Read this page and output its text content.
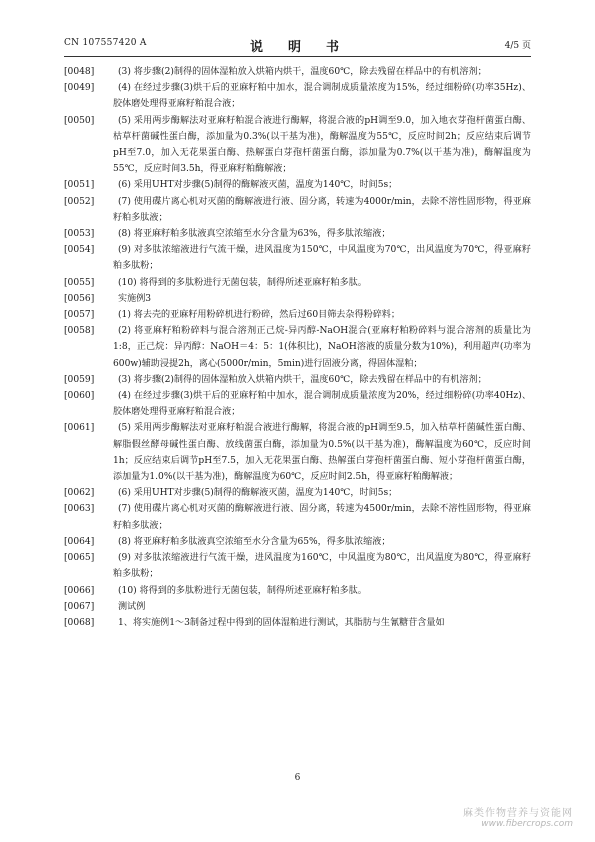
CN 107557420 A	说　明　书	4/5 页
[0048]	(3) 将步骤(2)制得的固体湿粕放入烘箱内烘干，温度60℃，除去残留在样品中的有机溶剂；
[0049]	(4) 在经过步骤(3)烘干后的亚麻籽粕中加水，混合调制成质量浓度为15%，经过细粉碎(功率35Hz)、胶体磨处理得亚麻籽粕混合液；
[0050]	(5) 采用两步酶解法对亚麻籽粕混合液进行酶解，将混合液的pH调至9.0，加入地衣芽孢杆菌蛋白酶、枯草杆菌碱性蛋白酶，添加量为0.3%(以干基为准)，酶解温度为55℃，反应时间2h；反应结束后调节pH至7.0，加入无花果蛋白酶、热解蛋白芽孢杆菌蛋白酶，添加量为0.7%(以干基为准)，酶解温度为55℃，反应时间3.5h，得亚麻籽粕酶解液；
[0051]	(6) 采用UHT对步骤(5)制得的酶解液灭菌，温度为140℃，时间5s；
[0052]	(7) 使用碟片离心机对灭菌的酶解液进行液、固分离，转速为4000r/min，去除不溶性固形物，得亚麻籽粕多肽液；
[0053]	(8) 将亚麻籽粕多肽液真空浓缩至水分含量为63%，得多肽浓缩液；
[0054]	(9) 对多肽浓缩液进行气流干燥，进风温度为150℃，中风温度为70℃，出风温度为70℃，得亚麻籽粕多肽粉；
[0055]	(10) 将得到的多肽粉进行无菌包装，制得所述亚麻籽粕多肽。
[0056]	实施例3
[0057]	(1) 将去壳的亚麻籽用粉碎机进行粉碎，然后过60目筛去杂得粉碎料；
[0058]	(2) 将亚麻籽粕粉碎料与混合溶剂正己烷-异丙醇-NaOH混合(亚麻籽粕粉碎料与混合溶剂的质量比为1:8，正己烷：异丙醇：NaOH＝4：5：1(体积比)，NaOH溶液的质量分数为10%)，利用超声(功率为600w)辅助浸提2h，离心(5000r/min，5min)进行固液分离，得固体湿粕；
[0059]	(3) 将步骤(2)制得的固体湿粕放入烘箱内烘干，温度60℃，除去残留在样品中的有机溶剂；
[0060]	(4) 在经过步骤(3)烘干后的亚麻籽粕中加水，混合调制成质量浓度为20%，经过细粉碎(功率40Hz)、胶体磨处理得亚麻籽粕混合液；
[0061]	(5) 采用两步酶解法对亚麻籽粕混合液进行酶解，将混合液的pH调至9.5，加入枯草杆菌碱性蛋白酶、解脂假丝酵母碱性蛋白酶、放线菌蛋白酶，添加量为0.5%(以干基为准)，酶解温度为60℃，反应时间1h；反应结束后调节pH至7.5，加入无花果蛋白酶、热解蛋白芽孢杆菌蛋白酶、短小芽孢杆菌蛋白酶，添加量为1.0%(以干基为准)，酶解温度为60℃，反应时间2.5h，得亚麻籽粕酶解液；
[0062]	(6) 采用UHT对步骤(5)制得的酶解液灭菌，温度为140℃，时间5s；
[0063]	(7) 使用碟片离心机对灭菌的酶解液进行液、固分离，转速为4500r/min，去除不溶性固形物，得亚麻籽粕多肽液；
[0064]	(8) 将亚麻籽粕多肽液真空浓缩至水分含量为65%，得多肽浓缩液；
[0065]	(9) 对多肽浓缩液进行气流干燥，进风温度为160℃，中风温度为80℃，出风温度为80℃，得亚麻籽粕多肽粉；
[0066]	(10) 将得到的多肽粉进行无菌包装，制得所述亚麻籽粕多肽。
[0067]	测试例
[0068]	1、将实施例1～3制备过程中得到的固体湿粕进行测试，其脂肪与生氰糖苷含量如
6
麻类作物营养与资能网
www.fibercrops.com
